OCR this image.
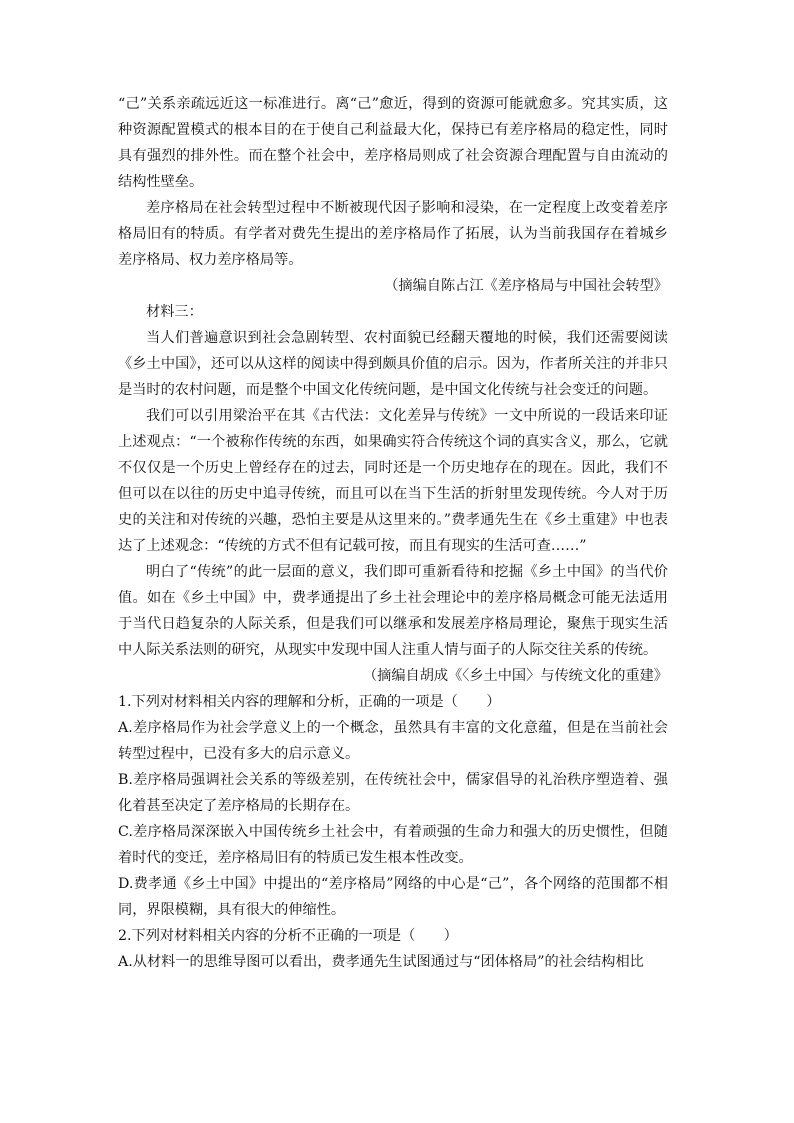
“己”关系亲疏远近这一标准进行。离“己”愈近，得到的资源可能就愈多。究其实质，这种资源配置模式的根本目的在于使自己利益最大化，保持已有差序格局的稳定性，同时具有强烈的排外性。而在整个社会中，差序格局则成了社会资源合理配置与自由流动的结构性壁垒。

差序格局在社会转型过程中不断被现代因子影响和浸染，在一定程度上改变着差序格局旧有的特质。有学者对费先生提出的差序格局作了拓展，认为当前我国存在着城乡差序格局、权力差序格局等。

（摘编自陈占江《差序格局与中国社会转型》

材料三：

当人们普遍意识到社会急剧转型、农村面貌已经翻天覆地的时候，我们还需要阅读《乡土中国》，还可以从这样的阅读中得到颇具价值的启示。因为，作者所关注的并非只是当时的农村问题，而是整个中国文化传统问题，是中国文化传统与社会变迁的问题。

我们可以引用梁治平在其《古代法：文化差异与传统》一文中所说的一段话来印证上述观点：“一个被称作传统的东西，如果确实符合传统这个词的真实含义，那么，它就不仅仅是一个历史上曾经存在的过去，同时还是一个历史地存在的现在。因此，我们不但可以在以往的历史中追寻传统，而且可以在当下生活的折射里发现传统。今人对于历史的关注和对传统的兴趣，恐怕主要是从这里来的。”费孝通先生在《乡土重建》中也表达了上述观念：“传统的方式不但有记载可按，而且有现实的生活可查……”

明白了“传统”的此一层面的意义，我们即可重新看待和挖掘《乡土中国》的当代价值。如在《乡土中国》中，费孝通提出了乡土社会理论中的差序格局概念可能无法适用于当代日趋复杂的人际关系，但是我们可以继承和发展差序格局理论，聚焦于现实生活中人际关系法则的研究，从现实中发现中国人注重人情与面子的人际交往关系的传统。

（摘编自胡成《〈乡土中国〉与传统文化的重建》

1.下列对材料相关内容的理解和分析，正确的一项是（　　）

A.差序格局作为社会学意义上的一个概念，虽然具有丰富的文化意蕴，但是在当前社会转型过程中，已没有多大的启示意义。

B.差序格局强调社会关系的等级差别，在传统社会中，儒家倡导的礼治秩序塑造着、强化着甚至决定了差序格局的长期存在。

C.差序格局深深嵌入中国传统乡土社会中，有着顽强的生命力和强大的历史惯性，但随着时代的变迁，差序格局旧有的特质已发生根本性改变。

D.费孝通《乡土中国》中提出的“差序格局”网络的中心是“己”，各个网络的范围都不相同，界限模糊，具有很大的伸缩性。

2.下列对材料相关内容的分析不正确的一项是（　　）

A.从材料一的思维导图可以看出，费孝通先生试图通过与“团体格局”的社会结构相比
